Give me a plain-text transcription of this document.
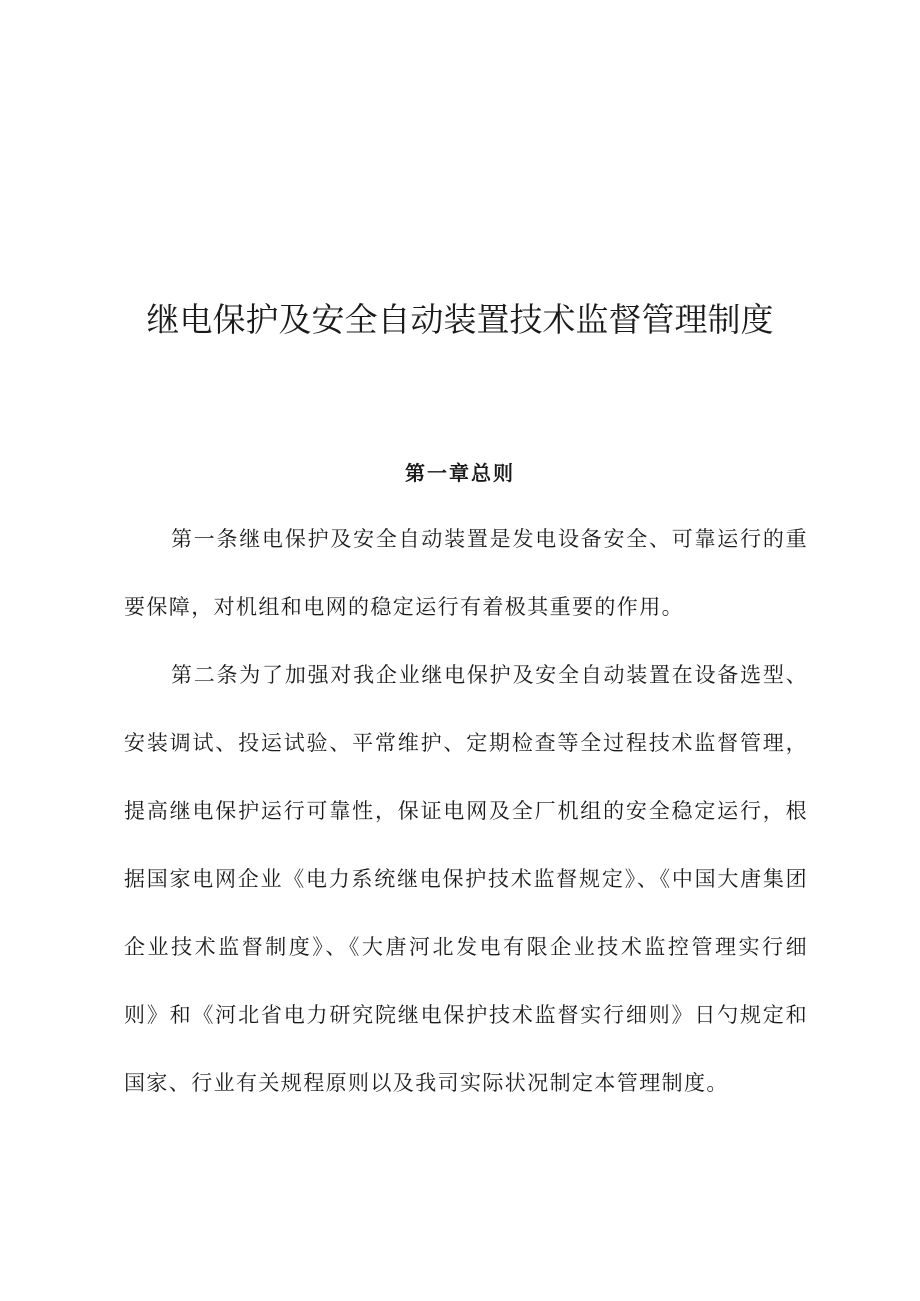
继电保护及安全自动装置技术监督管理制度
第一章总则

第一条继电保护及安全自动装置是发电设备安全、可靠运行的重要保障，对机组和电网的稳定运行有着极其重要的作用。

第二条为了加强对我企业继电保护及安全自动装置在设备选型、安装调试、投运试验、平常维护、定期检查等全过程技术监督管理，提高继电保护运行可靠性，保证电网及全厂机组的安全稳定运行，根据国家电网企业《电力系统继电保护技术监督规定》、《中国大唐集团企业技术监督制度》、《大唐河北发电有限企业技术监控管理实行细则》和《河北省电力研究院继电保护技术监督实行细则》日勺规定和国家、行业有关规程原则以及我司实际状况制定本管理制度。
